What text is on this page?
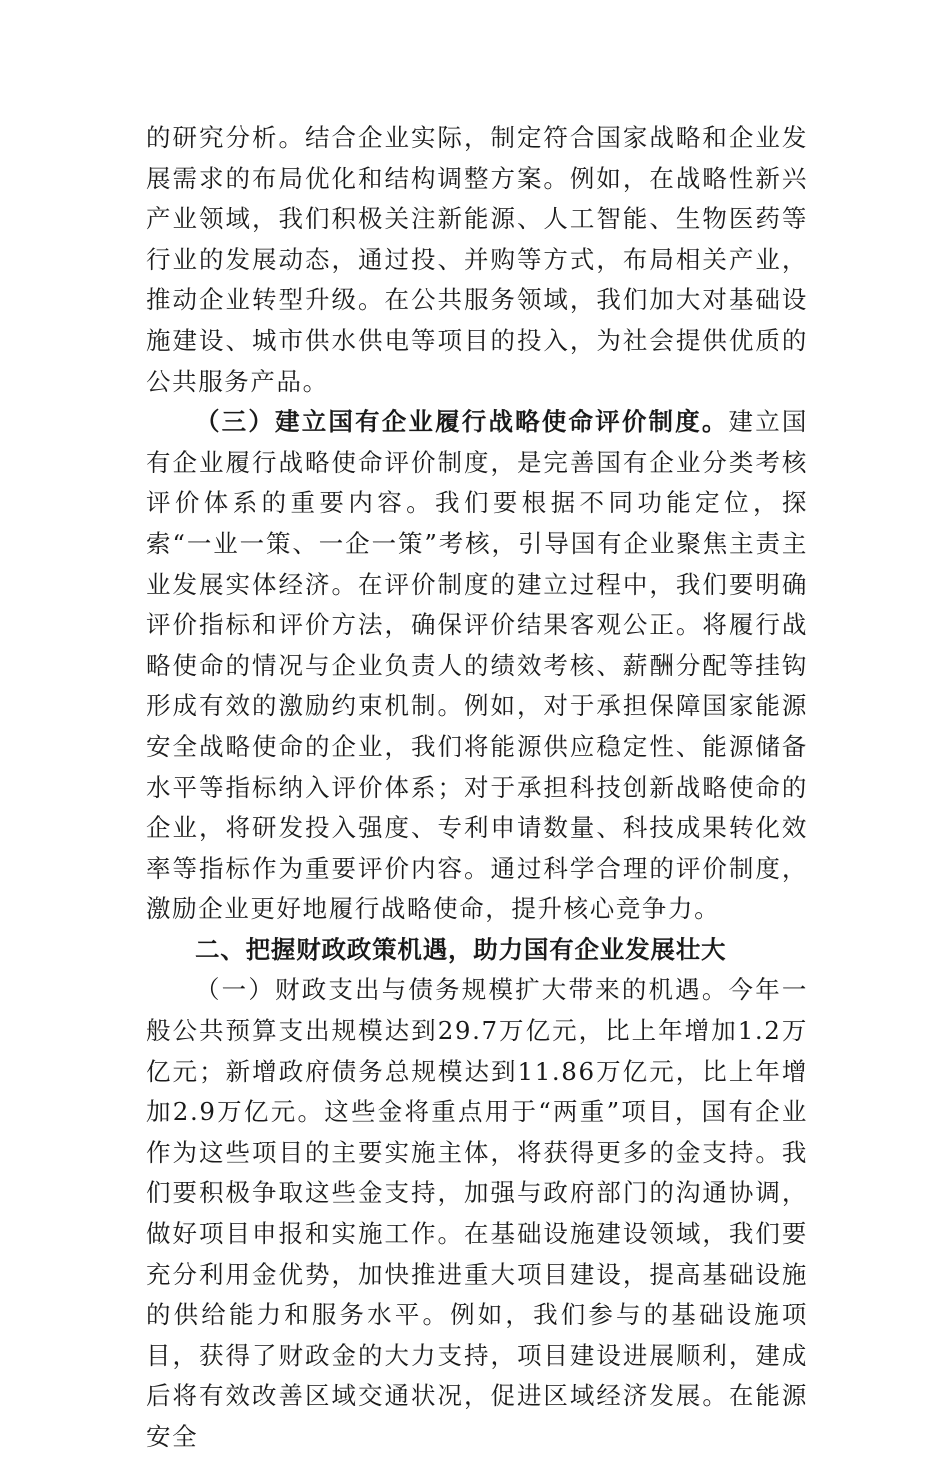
的研究分析。结合企业实际，制定符合国家战略和企业发展需求的布局优化和结构调整方案。例如，在战略性新兴产业领域，我们积极关注新能源、人工智能、生物医药等行业的发展动态，通过投、并购等方式，布局相关产业，推动企业转型升级。在公共服务领域，我们加大对基础设施建设、城市供水供电等项目的投入，为社会提供优质的公共服务产品。

（三）建立国有企业履行战略使命评价制度。建立国有企业履行战略使命评价制度，是完善国有企业分类考核评价体系的重要内容。我们要根据不同功能定位，探索“一业一策、一企一策”考核，引导国有企业聚焦主责主业发展实体经济。在评价制度的建立过程中，我们要明确评价指标和评价方法，确保评价结果客观公正。将履行战略使命的情况与企业负责人的绩效考核、薪酬分配等挂钩形成有效的激励约束机制。例如，对于承担保障国家能源安全战略使命的企业，我们将能源供应稳定性、能源储备水平等指标纳入评价体系；对于承担科技创新战略使命的企业，将研发投入强度、专利申请数量、科技成果转化效率等指标作为重要评价内容。通过科学合理的评价制度，激励企业更好地履行战略使命，提升核心竞争力。

二、把握财政政策机遇，助力国有企业发展壮大

（一）财政支出与债务规模扩大带来的机遇。今年一般公共预算支出规模达到29.7万亿元，比上年增加1.2万亿元；新增政府债务总规模达到11.86万亿元，比上年增加2.9万亿元。这些金将重点用于“两重”项目，国有企业作为这些项目的主要实施主体，将获得更多的金支持。我们要积极争取这些金支持，加强与政府部门的沟通协调，做好项目申报和实施工作。在基础设施建设领域，我们要充分利用金优势，加快推进重大项目建设，提高基础设施的供给能力和服务水平。例如，我们参与的基础设施项目，获得了财政金的大力支持，项目建设进展顺利，建成后将有效改善区域交通状况，促进区域经济发展。在能源安全
